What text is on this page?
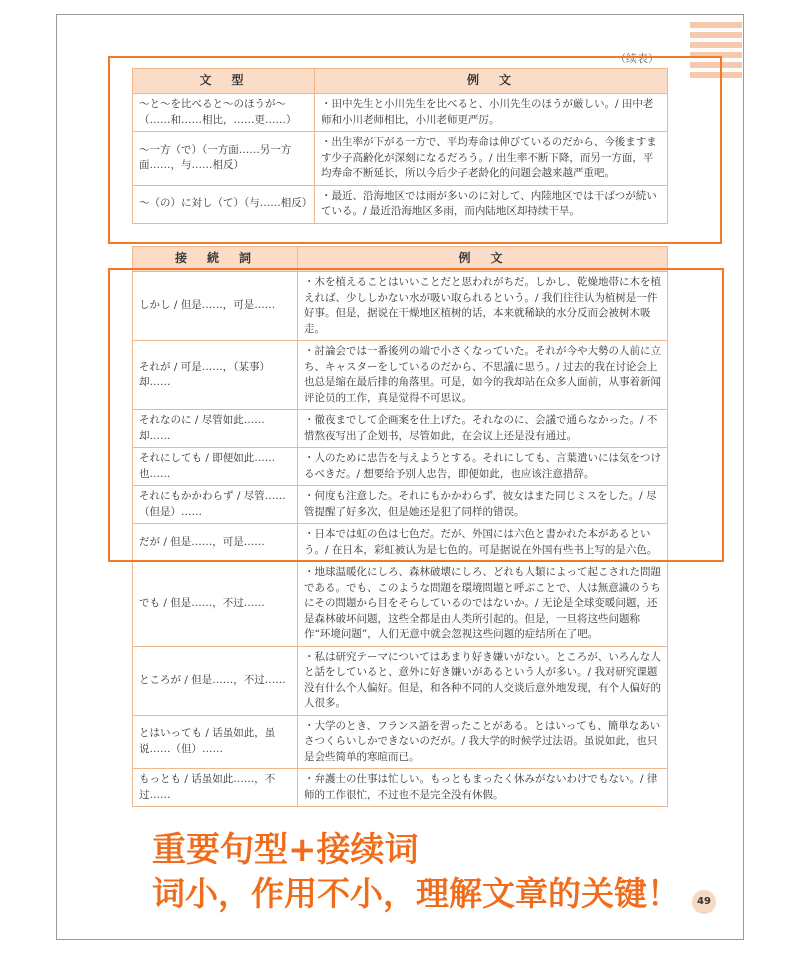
（续表）
文　型	例　文
～と～を比べると～のほうが～（……和……相比，……更……）	・田中先生と小川先生を比べると、小川先生のほうが厳しい。/ 田中老师和小川老师相比，小川老师更严厉。
～一方（で）（一方面……另一方面……，与……相反）	・出生率が下がる一方で、平均寿命は伸びているのだから、今後ますます少子高齢化が深刻になるだろう。/ 出生率不断下降，而另一方面，平均寿命不断延长，所以今后少子老龄化的问题会越来越严重吧。
～（の）に対し（て）（与……相反）	・最近、沿海地区では雨が多いのに対して、内陸地区では干ばつが続いている。/ 最近沿海地区多雨，而内陆地区却持续干旱。
接　続　詞	例　文
しかし / 但是……，可是……	・木を植えることはいいことだと思われがちだ。しかし、乾燥地帯に木を植えれば、少ししかない水が吸い取られるという。/ 我们往往认为植树是一件好事。但是，据说在干燥地区植树的话，本来就稀缺的水分反而会被树木吸走。
それが / 可是……，（某事）却……	・討論会では一番後列の端で小さくなっていた。それが今や大勢の人前に立ち、キャスターをしているのだから、不思議に思う。/ 过去的我在讨论会上也总是缩在最后排的角落里。可是，如今的我却站在众多人面前，从事着新闻评论员的工作，真是觉得不可思议。
それなのに / 尽管如此……却……	・徹夜までして企画案を仕上げた。それなのに、会議で通らなかった。/ 不惜熬夜写出了企划书，尽管如此，在会议上还是没有通过。
それにしても / 即便如此……也……	・人のために忠告を与えようとする。それにしても、言葉遣いには気をつけるべきだ。/ 想要给予别人忠告，即便如此，也应该注意措辞。
それにもかかわらず / 尽管……（但是）……	・何度も注意した。それにもかかわらず、彼女はまた同じミスをした。/ 尽管提醒了好多次，但是她还是犯了同样的错误。
だが / 但是……，可是……	・日本では虹の色は七色だ。だが、外国には六色と書かれた本があるという。/ 在日本，彩虹被认为是七色的。可是据说在外国有些书上写的是六色。
でも / 但是……，不过……	・地球温暖化にしろ、森林破壊にしろ、どれも人類によって起こされた問題である。でも、このような問題を環境問題と呼ぶことで、人は無意識のうちにその問題から目をそらしているのではないか。/ 无论是全球变暖问题，还是森林破坏问题，这些全都是由人类所引起的。但是，一旦将这些问题称作“环境问题”，人们无意中就会忽视这些问题的症结所在了吧。
ところが / 但是……，不过……	・私は研究テーマについてはあまり好き嫌いがない。ところが、いろんな人と話をしていると、意外に好き嫌いがあるという人が多い。/ 我对研究课题没有什么个人偏好。但是，和各种不同的人交谈后意外地发现，有个人偏好的人很多。
とはいっても / 话虽如此，虽说……（但）……	・大学のとき、フランス語を習ったことがある。とはいっても、簡単なあいさつくらいしかできないのだが。/ 我大学的时候学过法语。虽说如此，也只是会些简单的寒暄而已。
もっとも / 话虽如此……，不过……	・弁護士の仕事は忙しい。もっともまったく休みがないわけでもない。/ 律师的工作很忙，不过也不是完全没有休假。
重要句型+接续词
词小，作用不小，理解文章的关键！	49
